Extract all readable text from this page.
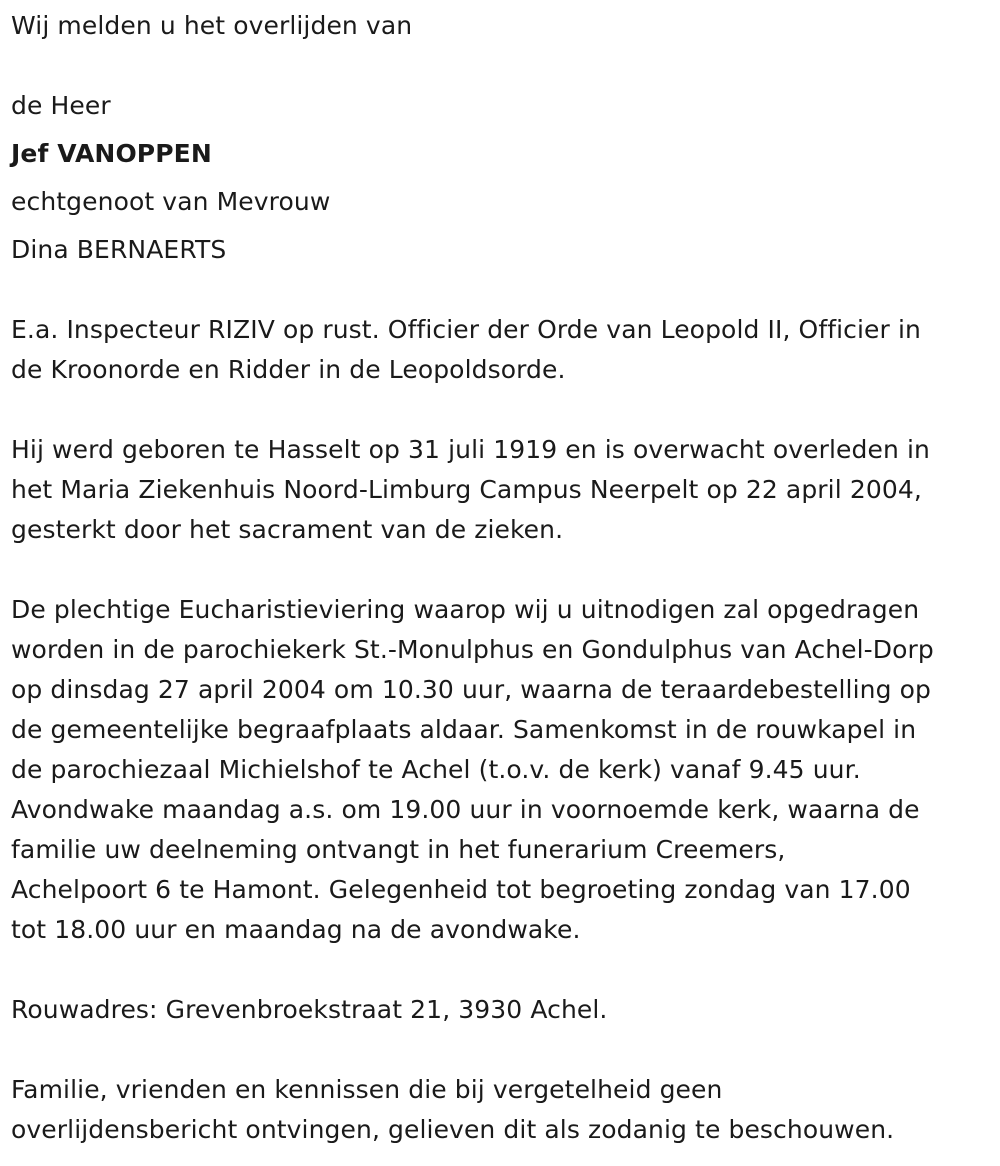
Wij melden u het overlijden van
de Heer
Jef VANOPPEN
echtgenoot van Mevrouw
Dina BERNAERTS
E.a. Inspecteur RIZIV op rust. Officier der Orde van Leopold II, Officier in
de Kroonorde en Ridder in de Leopoldsorde.
Hij werd geboren te Hasselt op 31 juli 1919 en is overwacht overleden in
het Maria Ziekenhuis Noord-Limburg Campus Neerpelt op 22 april 2004,
gesterkt door het sacrament van de zieken.
De plechtige Eucharistieviering waarop wij u uitnodigen zal opgedragen
worden in de parochiekerk St.-Monulphus en Gondulphus van Achel-Dorp
op dinsdag 27 april 2004 om 10.30 uur, waarna de teraardebestelling op
de gemeentelijke begraafplaats aldaar. Samenkomst in de rouwkapel in
de parochiezaal Michielshof te Achel (t.o.v. de kerk) vanaf 9.45 uur.
Avondwake maandag a.s. om 19.00 uur in voornoemde kerk, waarna de
familie uw deelneming ontvangt in het funerarium Creemers,
Achelpoort 6 te Hamont. Gelegenheid tot begroeting zondag van 17.00
tot 18.00 uur en maandag na de avondwake.
Rouwadres: Grevenbroekstraat 21, 3930 Achel.
Familie, vrienden en kennissen die bij vergetelheid geen
overlijdensbericht ontvingen, gelieven dit als zodanig te beschouwen.
